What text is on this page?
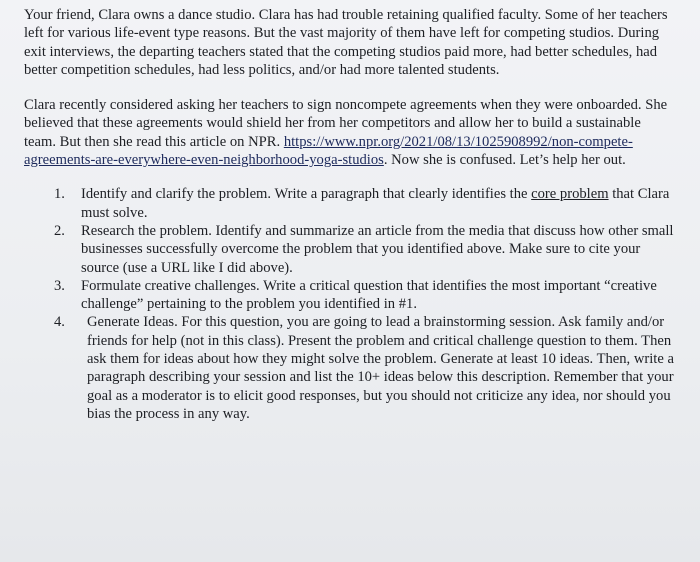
Your friend, Clara owns a dance studio. Clara has had trouble retaining qualified faculty. Some of her teachers left for various life-event type reasons. But the vast majority of them have left for competing studios. During exit interviews, the departing teachers stated that the competing studios paid more, had better schedules, had better competition schedules, had less politics, and/or had more talented students.

Clara recently considered asking her teachers to sign noncompete agreements when they were onboarded. She believed that these agreements would shield her from her competitors and allow her to build a sustainable team. But then she read this article on NPR. https://www.npr.org/2021/08/13/1025908992/non-compete-agreements-are-everywhere-even-neighborhood-yoga-studios. Now she is confused. Let’s help her out.

1. Identify and clarify the problem. Write a paragraph that clearly identifies the core problem that Clara must solve.
2. Research the problem. Identify and summarize an article from the media that discuss how other small businesses successfully overcome the problem that you identified above. Make sure to cite your source (use a URL like I did above).
3. Formulate creative challenges. Write a critical question that identifies the most important “creative challenge” pertaining to the problem you identified in #1.
4.	Generate Ideas. For this question, you are going to lead a brainstorming session. Ask family and/or friends for help (not in this class). Present the problem and critical challenge question to them. Then ask them for ideas about how they might solve the problem. Generate at least 10 ideas. Then, write a paragraph describing your session and list the 10+ ideas below this description. Remember that your goal as a moderator is to elicit good responses, but you should not criticize any idea, nor should you bias the process in any way.
